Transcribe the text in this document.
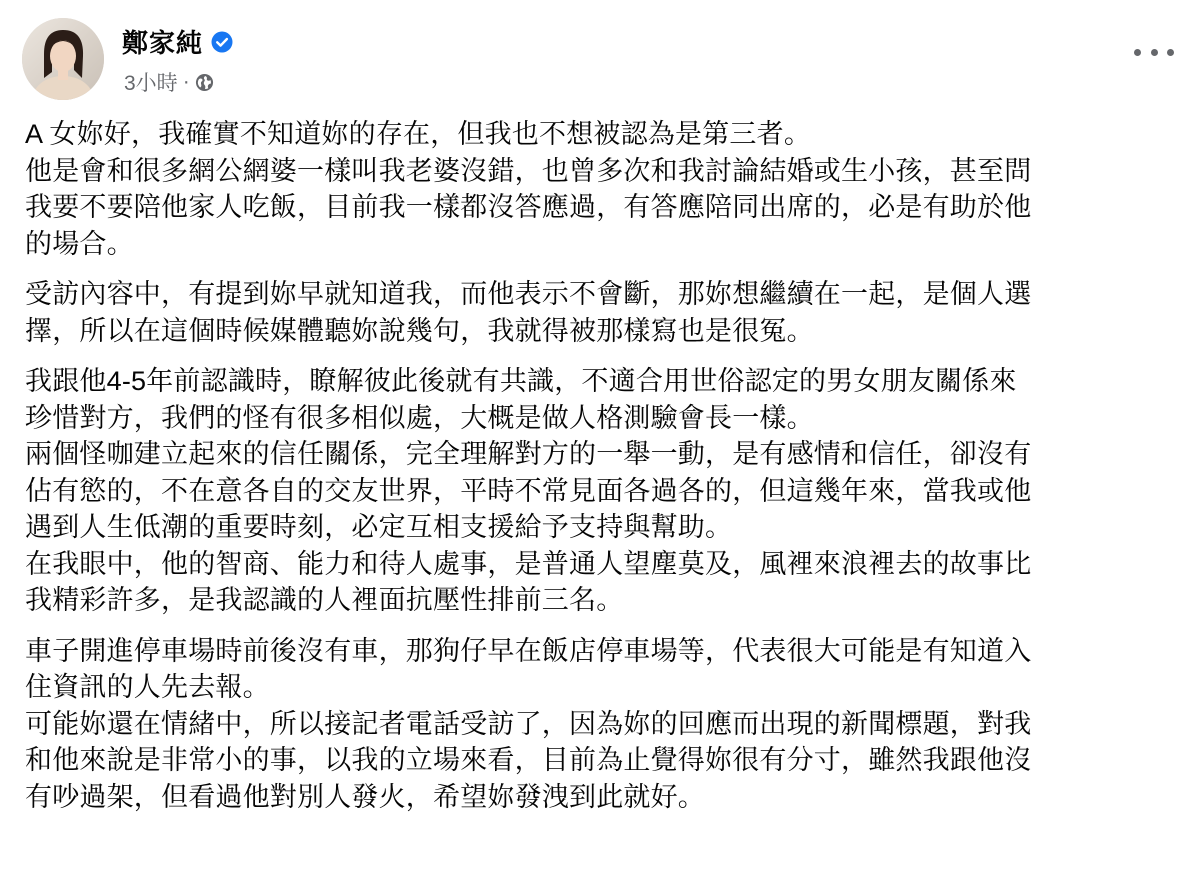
鄭家純
3小時 ·
A 女妳好，我確實不知道妳的存在，但我也不想被認為是第三者。
他是會和很多網公網婆一樣叫我老婆沒錯，也曾多次和我討論結婚或生小孩，甚至問
我要不要陪他家人吃飯，目前我一樣都沒答應過，有答應陪同出席的，必是有助於他
的場合。
受訪內容中，有提到妳早就知道我，而他表示不會斷，那妳想繼續在一起，是個人選
擇，所以在這個時候媒體聽妳說幾句，我就得被那樣寫也是很冤。
我跟他4-5年前認識時，瞭解彼此後就有共識，不適合用世俗認定的男女朋友關係來
珍惜對方，我們的怪有很多相似處，大概是做人格測驗會長一樣。
兩個怪咖建立起來的信任關係，完全理解對方的一舉一動，是有感情和信任，卻沒有
佔有慾的，不在意各自的交友世界，平時不常見面各過各的，但這幾年來，當我或他
遇到人生低潮的重要時刻，必定互相支援給予支持與幫助。
在我眼中，他的智商、能力和待人處事，是普通人望塵莫及，風裡來浪裡去的故事比
我精彩許多，是我認識的人裡面抗壓性排前三名。
車子開進停車場時前後沒有車，那狗仔早在飯店停車場等，代表很大可能是有知道入
住資訊的人先去報。
可能妳還在情緒中，所以接記者電話受訪了，因為妳的回應而出現的新聞標題，對我
和他來說是非常小的事，以我的立場來看，目前為止覺得妳很有分寸，雖然我跟他沒
有吵過架，但看過他對別人發火，希望妳發洩到此就好。
